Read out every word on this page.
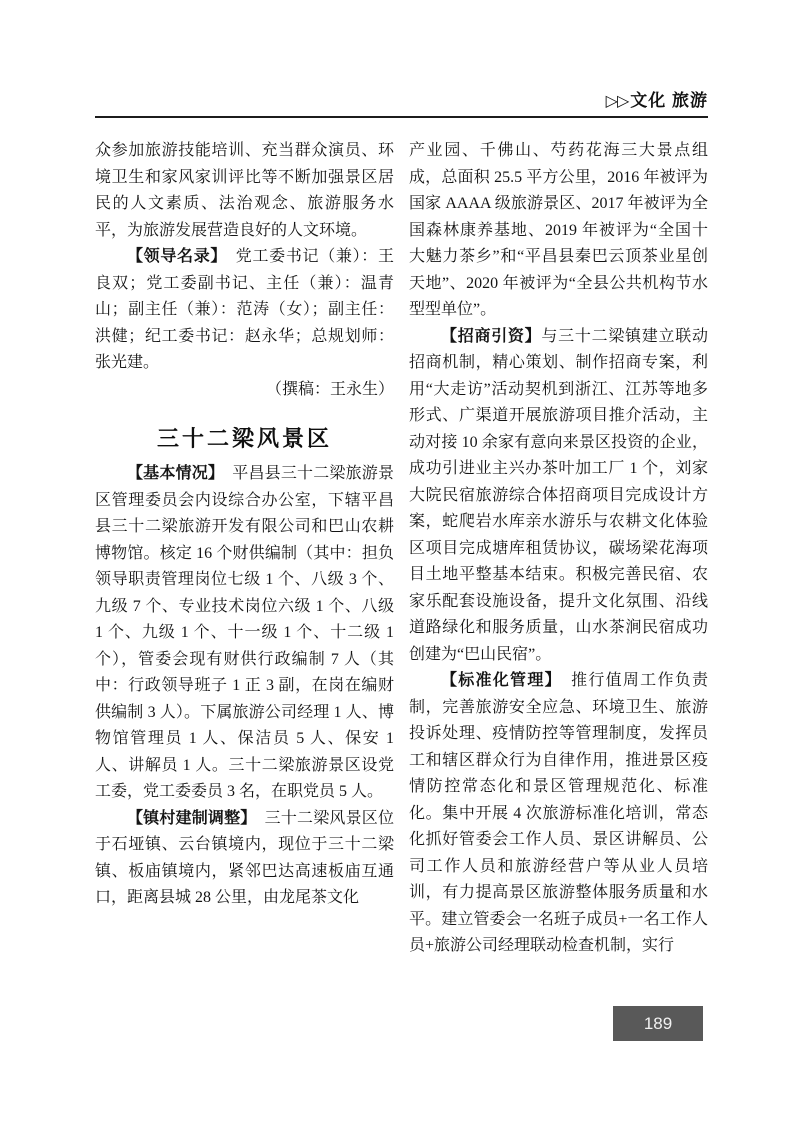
▷▷ 文化 旅游

众参加旅游技能培训、充当群众演员、环境卫生和家风家训评比等不断加强景区居民的人文素质、法治观念、旅游服务水平，为旅游发展营造良好的人文环境。

【领导名录】　党工委书记（兼）：王良双；党工委副书记、主任（兼）：温青山；副主任（兼）：范涛（女）；副主任：洪健；纪工委书记：赵永华；总规划师：张光建。

（撰稿：王永生）

三十二梁风景区

【基本情况】　平昌县三十二梁旅游景区管理委员会内设综合办公室，下辖平昌县三十二梁旅游开发有限公司和巴山农耕博物馆。核定 16 个财供编制（其中：担负领导职责管理岗位七级 1 个、八级 3 个、九级 7 个、专业技术岗位六级 1 个、八级 1 个、九级 1 个、十一级 1 个、十二级 1 个），管委会现有财供行政编制 7 人（其中：行政领导班子 1 正 3 副，在岗在编财供编制 3 人）。下属旅游公司经理 1 人、博物馆管理员 1 人、保洁员 5 人、保安 1 人、讲解员 1 人。三十二梁旅游景区设党工委，党工委委员 3 名，在职党员 5 人。

【镇村建制调整】　三十二梁风景区位于石垭镇、云台镇境内，现位于三十二梁镇、板庙镇境内，紧邻巴达高速板庙互通口，距离县城 28 公里，由龙尾茶文化

产业园、千佛山、芍药花海三大景点组成，总面积 25.5 平方公里，2016 年被评为国家 AAAA 级旅游景区、2017 年被评为全国森林康养基地、2019 年被评为“全国十大魅力茶乡”和“平昌县秦巴云顶茶业星创天地”、2020 年被评为“全县公共机构节水型型单位”。

【招商引资】与三十二梁镇建立联动招商机制，精心策划、制作招商专案，利用“大走访”活动契机到浙江、江苏等地多形式、广渠道开展旅游项目推介活动，主动对接 10 余家有意向来景区投资的企业，成功引进业主兴办茶叶加工厂 1 个，刘家大院民宿旅游综合体招商项目完成设计方案，蛇爬岩水库亲水游乐与农耕文化体验区项目完成塘库租赁协议，碳场梁花海项目土地平整基本结束。积极完善民宿、农家乐配套设施设备，提升文化氛围、沿线道路绿化和服务质量，山水茶涧民宿成功创建为“巴山民宿”。

【标准化管理】　推行值周工作负责制，完善旅游安全应急、环境卫生、旅游投诉处理、疫情防控等管理制度，发挥员工和辖区群众行为自律作用，推进景区疫情防控常态化和景区管理规范化、标准化。集中开展 4 次旅游标准化培训，常态化抓好管委会工作人员、景区讲解员、公司工作人员和旅游经营户等从业人员培训，有力提高景区旅游整体服务质量和水平。建立管委会一名班子成员+一名工作人员+旅游公司经理联动检查机制，实行

189
